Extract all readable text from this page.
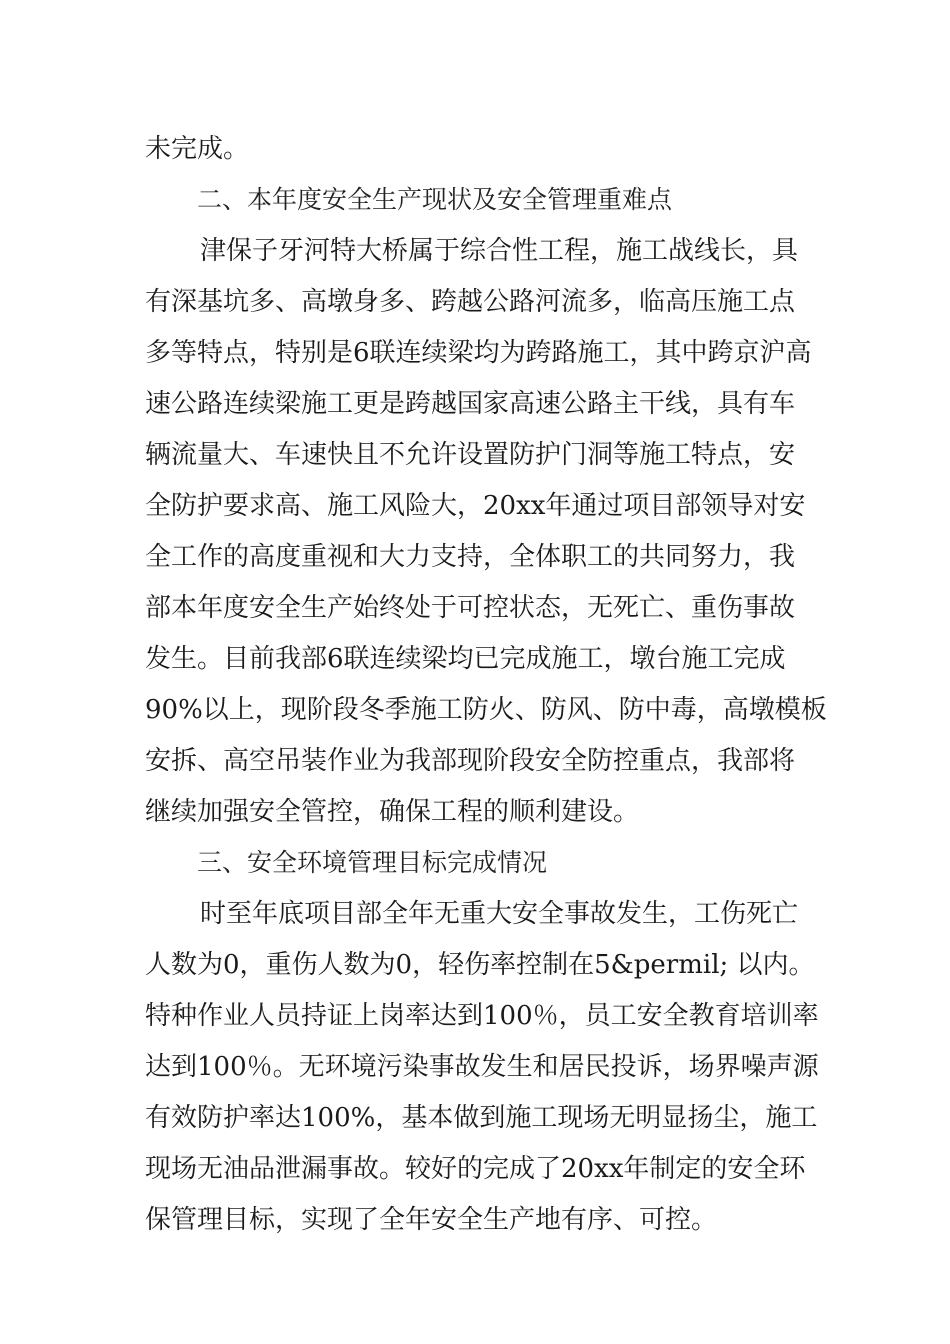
未完成。
二、本年度安全生产现状及安全管理重难点
津保子牙河特大桥属于综合性工程，施工战线长，具
有深基坑多、高墩身多、跨越公路河流多，临高压施工点
多等特点，特别是6联连续梁均为跨路施工，其中跨京沪高
速公路连续梁施工更是跨越国家高速公路主干线，具有车
辆流量大、车速快且不允许设置防护门洞等施工特点，安
全防护要求高、施工风险大，20xx年通过项目部领导对安
全工作的高度重视和大力支持，全体职工的共同努力，我
部本年度安全生产始终处于可控状态，无死亡、重伤事故
发生。目前我部6联连续梁均已完成施工，墩台施工完成
90%以上，现阶段冬季施工防火、防风、防中毒，高墩模板
安拆、高空吊装作业为我部现阶段安全防控重点，我部将
继续加强安全管控，确保工程的顺利建设。
三、安全环境管理目标完成情况
时至年底项目部全年无重大安全事故发生，工伤死亡
人数为0，重伤人数为0，轻伤率控制在5&permil; 以内。
特种作业人员持证上岗率达到100％，员工安全教育培训率
达到100％。无环境污染事故发生和居民投诉，场界噪声源
有效防护率达100%，基本做到施工现场无明显扬尘，施工
现场无油品泄漏事故。较好的完成了20xx年制定的安全环
保管理目标，实现了全年安全生产地有序、可控。
